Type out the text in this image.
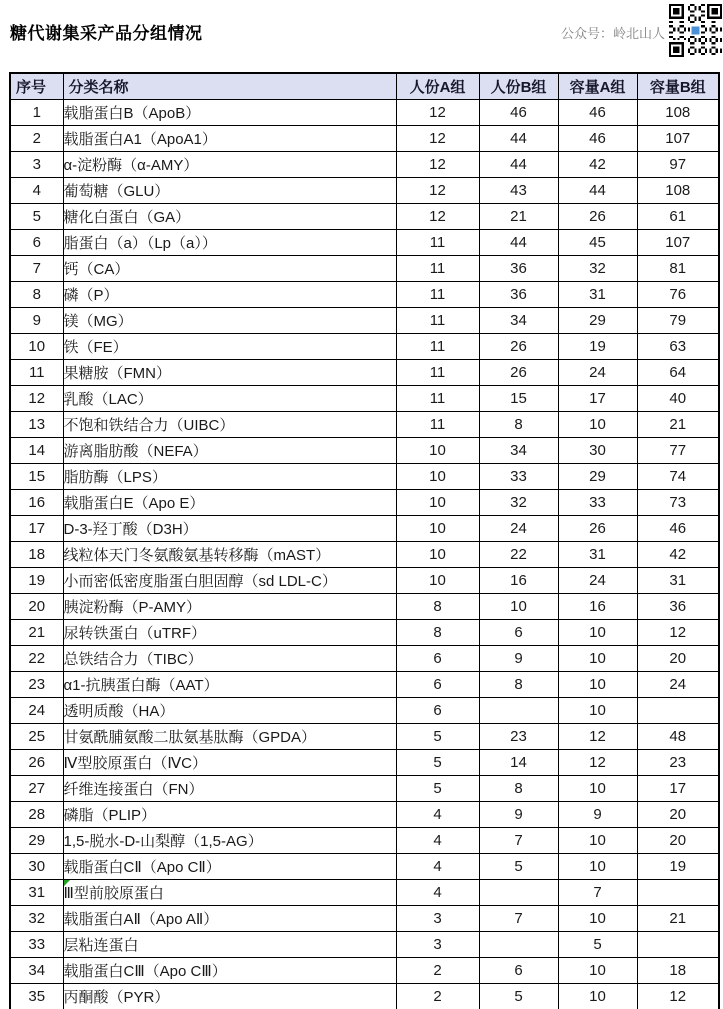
糖代谢集采产品分组情况	公众号：岭北山人
序号	分类名称	人份A组	人份B组	容量A组	容量B组
1	载脂蛋白B（ApoB）	12	46	46	108
2	载脂蛋白A1（ApoA1）	12	44	46	107
3	α-淀粉酶（α-AMY）	12	44	42	97
4	葡萄糖（GLU）	12	43	44	108
5	糖化白蛋白（GA）	12	21	26	61
6	脂蛋白（a）（Lp（a））	11	44	45	107
7	钙（CA）	11	36	32	81
8	磷（P）	11	36	31	76
9	镁（MG）	11	34	29	79
10	铁（FE）	11	26	19	63
11	果糖胺（FMN）	11	26	24	64
12	乳酸（LAC）	11	15	17	40
13	不饱和铁结合力（UIBC）	11	8	10	21
14	游离脂肪酸（NEFA）	10	34	30	77
15	脂肪酶（LPS）	10	33	29	74
16	载脂蛋白E（Apo E）	10	32	33	73
17	D-3-羟丁酸（D3H）	10	24	26	46
18	线粒体天门冬氨酸氨基转移酶（mAST）	10	22	31	42
19	小而密低密度脂蛋白胆固醇（sd LDL-C）	10	16	24	31
20	胰淀粉酶（P-AMY）	8	10	16	36
21	尿转铁蛋白（uTRF）	8	6	10	12
22	总铁结合力（TIBC）	6	9	10	20
23	α1-抗胰蛋白酶（AAT）	6	8	10	24
24	透明质酸（HA）	6		10	
25	甘氨酰脯氨酸二肽氨基肽酶（GPDA）	5	23	12	48
26	Ⅳ型胶原蛋白（ⅣC）	5	14	12	23
27	纤维连接蛋白（FN）	5	8	10	17
28	磷脂（PLIP）	4	9	9	20
29	1,5-脱水-D-山梨醇（1,5-AG）	4	7	10	20
30	载脂蛋白CⅡ（Apo CⅡ）	4	5	10	19
31	Ⅲ型前胶原蛋白	4		7	
32	载脂蛋白AⅡ（Apo AⅡ）	3	7	10	21
33	层粘连蛋白	3		5	
34	载脂蛋白CⅢ（Apo CⅢ）	2	6	10	18
35	丙酮酸（PYR）	2	5	10	12
